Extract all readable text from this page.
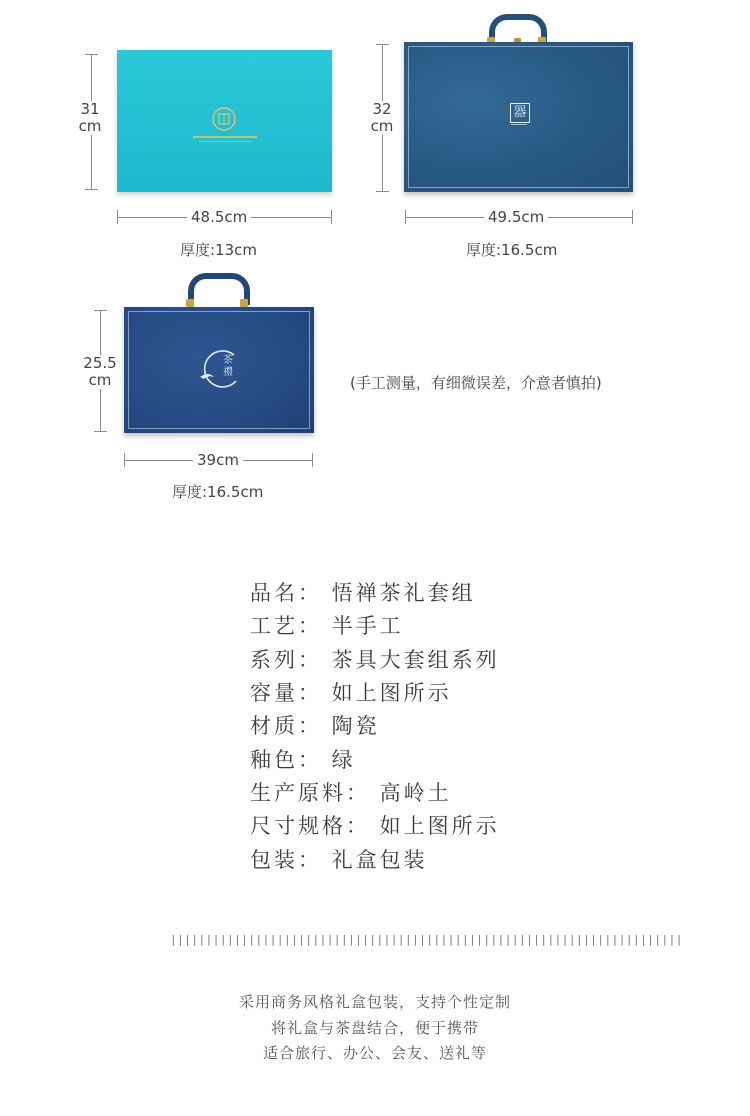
31
cm
48.5cm
厚度:13cm
32
cm
49.5cm
厚度:16.5cm
器
25.5
cm
39cm
厚度:16.5cm
茶
禮
(手工测量，有细微误差，介意者慎拍)
品名： 悟禅茶礼套组
工艺： 半手工
系列： 茶具大套组系列
容量： 如上图所示
材质： 陶瓷
釉色： 绿
生产原料： 高岭土
尺寸规格： 如上图所示
包装： 礼盒包装
||||||||||||||||||||||||||||||||||||||||||||||||||||||||||||||||||||||||
采用商务风格礼盒包装，支持个性定制
将礼盒与茶盘结合，便于携带
适合旅行、办公、会友、送礼等
